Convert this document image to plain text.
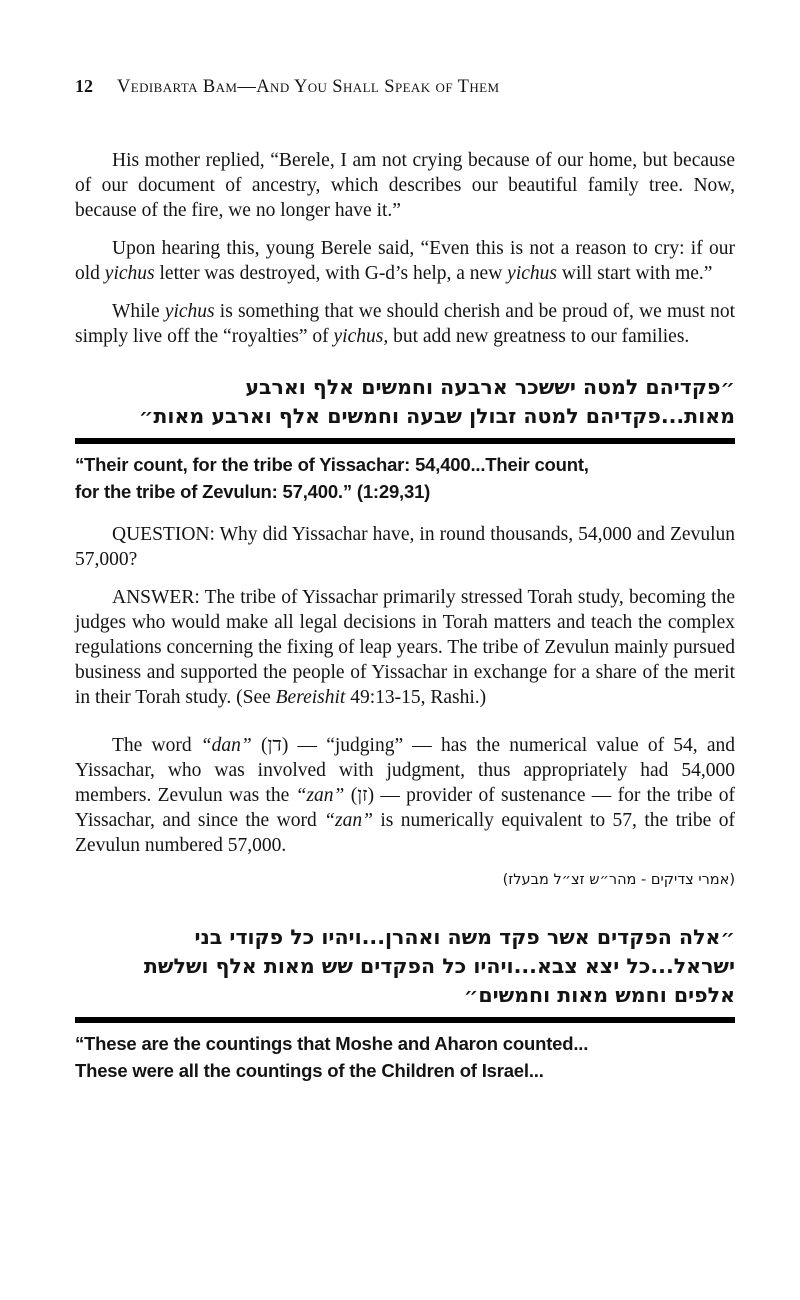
12 Vedibarta Bam—And You Shall Speak of Them

His mother replied, “Berele, I am not crying because of our home, but because of our document of ancestry, which describes our beautiful family tree. Now, because of the fire, we no longer have it.”

Upon hearing this, young Berele said, “Even this is not a reason to cry: if our old yichus letter was destroyed, with G-d’s help, a new yichus will start with me.”

While yichus is something that we should cherish and be proud of, we must not simply live off the “royalties” of yichus, but add new greatness to our families.

״פקדיהם למטה יששכר ארבעה וחמשים אלף וארבע
מאות...פקדיהם למטה זבולן שבעה וחמשים אלף וארבע מאות״
“Their count, for the tribe of Yissachar: 54,400...Their count,
for the tribe of Zevulun: 57,400.” (1:29,31)

QUESTION: Why did Yissachar have, in round thousands, 54,000 and Zevulun 57,000?

ANSWER: The tribe of Yissachar primarily stressed Torah study, becoming the judges who would make all legal decisions in Torah matters and teach the complex regulations concerning the fixing of leap years. The tribe of Zevulun mainly pursued business and supported the people of Yissachar in exchange for a share of the merit in their Torah study. (See Bereishit 49:13-15, Rashi.)

The word “dan” (דן) — “judging” — has the numerical value of 54, and Yissachar, who was involved with judgment, thus appropriately had 54,000 members. Zevulun was the “zan” (זן) — provider of sustenance — for the tribe of Yissachar, and since the word “zan” is numerically equivalent to 57, the tribe of Zevulun numbered 57,000.

(אמרי צדיקים - מהר״ש זצ״ל מבעלז)
״אלה הפקדים אשר פקד משה ואהרן...ויהיו כל פקודי בני
ישראל...כל יצא צבא...ויהיו כל הפקדים שש מאות אלף ושלשת
אלפים וחמש מאות וחמשים״
“These are the countings that Moshe and Aharon counted...
These were all the countings of the Children of Israel...
